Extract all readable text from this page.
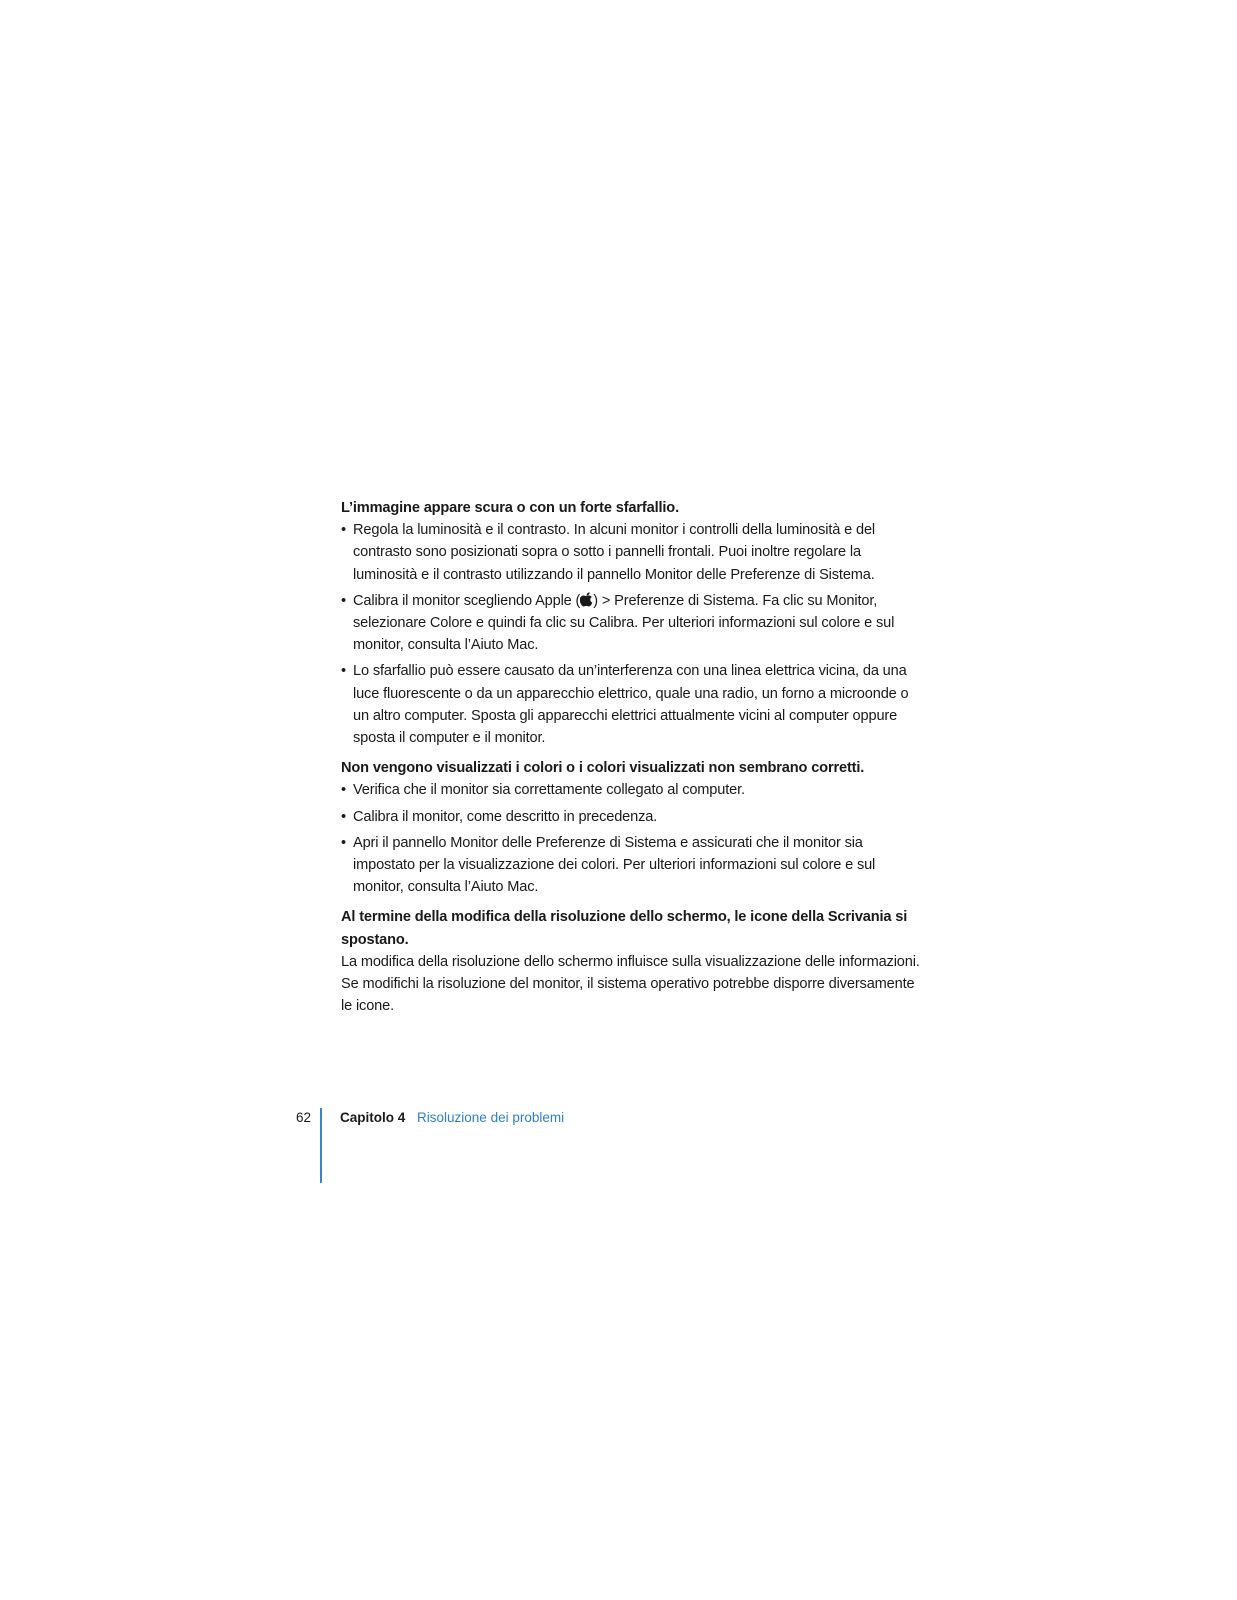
L’immagine appare scura o con un forte sfarfallio.

• Regola la luminosità e il contrasto. In alcuni monitor i controlli della luminosità e del contrasto sono posizionati sopra o sotto i pannelli frontali. Puoi inoltre regolare la luminosità e il contrasto utilizzando il pannello Monitor delle Preferenze di Sistema.
• Calibra il monitor scegliendo Apple ( ) > Preferenze di Sistema. Fa clic su Monitor, selezionare Colore e quindi fa clic su Calibra. Per ulteriori informazioni sul colore e sul monitor, consulta l’Aiuto Mac.
• Lo sfarfallio può essere causato da un’interferenza con una linea elettrica vicina, da una luce fluorescente o da un apparecchio elettrico, quale una radio, un forno a microonde o un altro computer. Sposta gli apparecchi elettrici attualmente vicini al computer oppure sposta il computer e il monitor.

Non vengono visualizzati i colori o i colori visualizzati non sembrano corretti.

• Verifica che il monitor sia correttamente collegato al computer.
• Calibra il monitor, come descritto in precedenza.
• Apri il pannello Monitor delle Preferenze di Sistema e assicurati che il monitor sia impostato per la visualizzazione dei colori. Per ulteriori informazioni sul colore e sul monitor, consulta l’Aiuto Mac.

Al termine della modifica della risoluzione dello schermo, le icone della Scrivania si spostano.

La modifica della risoluzione dello schermo influisce sulla visualizzazione delle informazioni. Se modifichi la risoluzione del monitor, il sistema operativo potrebbe disporre diversamente le icone.

62 Capitolo 4 Risoluzione dei problemi
